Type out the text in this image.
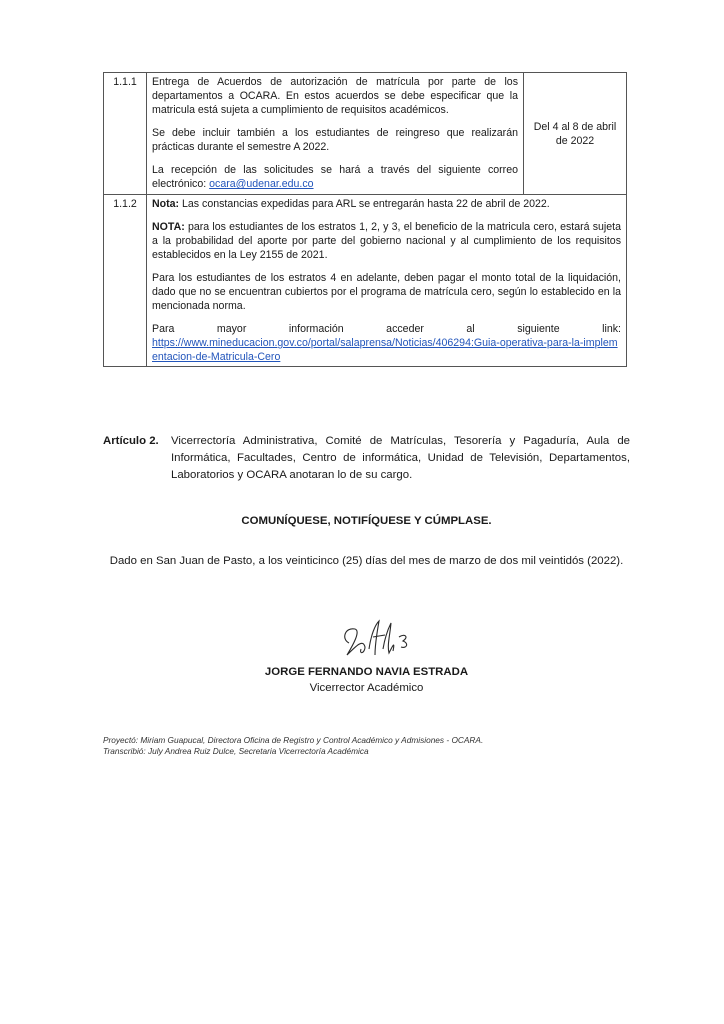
1.1.1	Entrega de Acuerdos de autorización de matrícula por parte de los departamentos a OCARA. En estos acuerdos se debe especificar que la matricula está sujeta a cumplimiento de requisitos académicos.

Se debe incluir también a los estudiantes de reingreso que realizarán prácticas durante el semestre A 2022.

La recepción de las solicitudes se hará a través del siguiente correo electrónico: ocara@udenar.edu.co	Del 4 al 8 de abril de 2022
1.1.2	Nota: Las constancias expedidas para ARL se entregarán hasta 22 de abril de 2022.

NOTA: para los estudiantes de los estratos 1, 2, y 3, el beneficio de la matricula cero, estará sujeta a la probabilidad del aporte por parte del gobierno nacional y al cumplimiento de los requisitos establecidos en la Ley 2155 de 2021.

Para los estudiantes de los estratos 4 en adelante, deben pagar el monto total de la liquidación, dado que no se encuentran cubiertos por el programa de matrícula cero, según lo establecido en la mencionada norma.

Para mayor información acceder al siguiente link:

https://www.mineducacion.gov.co/portal/salaprensa/Noticias/406294:Guia-operativa-para-la-implementacion-de-Matricula-Cero	

Artículo 2.	Vicerrectoría Administrativa, Comité de Matrículas, Tesorería y Pagaduría, Aula de Informática, Facultades, Centro de informática, Unidad de Televisión, Departamentos, Laboratorios y OCARA anotaran lo de su cargo.
COMUNÍQUESE, NOTIFÍQUESE Y CÚMPLASE.
Dado en San Juan de Pasto, a los veinticinco (25) días del mes de marzo de dos mil veintidós (2022).
JORGE FERNANDO NAVIA ESTRADA
Vicerrector Académico
Proyectó: Miriam Guapucal, Directora Oficina de Registro y Control Académico y Admisiones - OCARA.
Transcribió: July Andrea Ruiz Dulce, Secretaria Vicerrectoría Académica
